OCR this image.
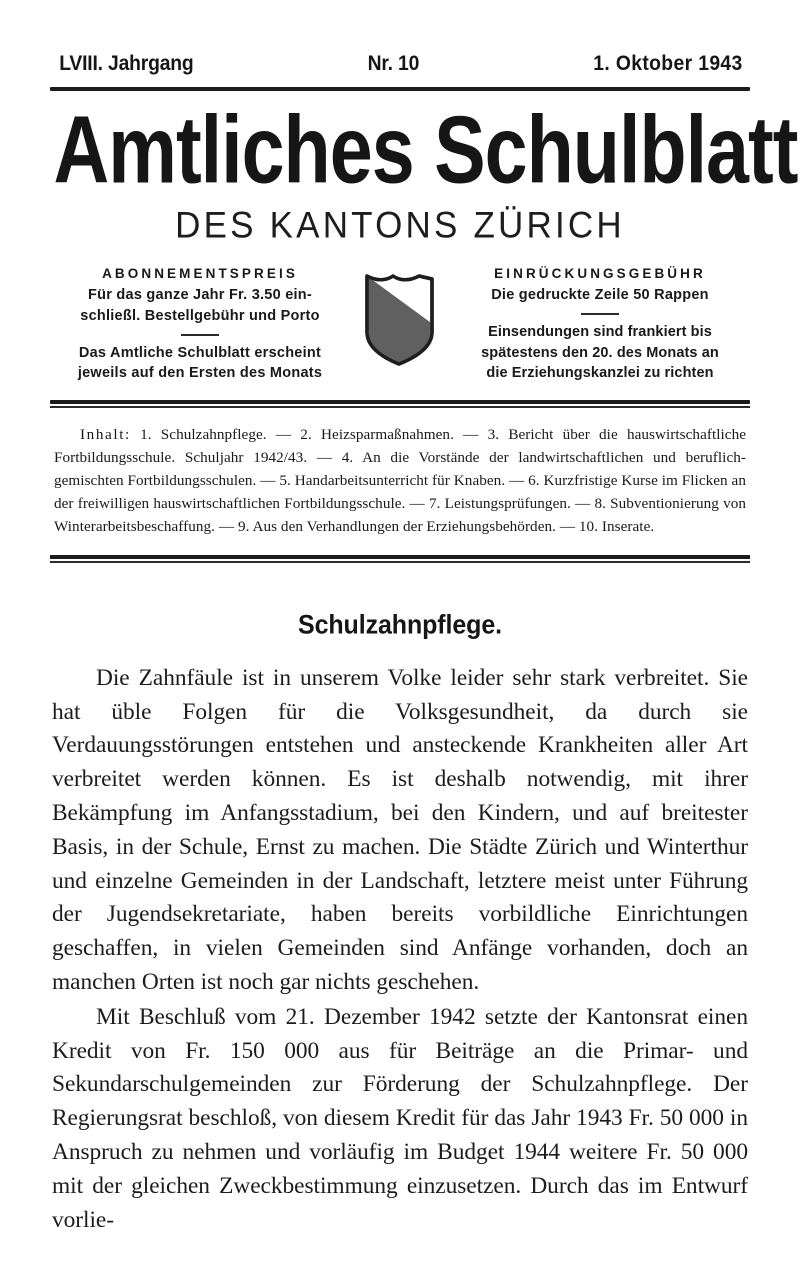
LVIII. Jahrgang	Nr. 10	1. Oktober 1943
Amtliches Schulblatt
DES KANTONS ZÜRICH
ABONNEMENTSPREIS
Für das ganze Jahr Fr. 3.50 ein-
schließl. Bestellgebühr und Porto
Das Amtliche Schulblatt erscheint
jeweils auf den Ersten des Monats
EINRÜCKUNGSGEBÜHR
Die gedruckte Zeile 50 Rappen
Einsendungen sind frankiert bis
spätestens den 20. des Monats an
die Erziehungskanzlei zu richten
Inhalt: 1. Schulzahnpflege. — 2. Heizsparmaßnahmen. — 3. Bericht über die hauswirtschaftliche Fortbildungsschule. Schuljahr 1942/43. — 4. An die Vorstände der landwirtschaftlichen und beruflich-gemischten Fortbildungsschulen. — 5. Handarbeitsunterricht für Knaben. — 6. Kurzfristige Kurse im Flicken an der freiwilligen hauswirtschaftlichen Fortbildungsschule. — 7. Leistungsprüfungen. — 8. Subventionierung von Winterarbeitsbeschaffung. — 9. Aus den Verhandlungen der Erziehungsbehörden. — 10. Inserate.
Schulzahnpflege.

Die Zahnfäule ist in unserem Volke leider sehr stark verbreitet. Sie hat üble Folgen für die Volksgesundheit, da durch sie Verdauungsstörungen entstehen und ansteckende Krankheiten aller Art verbreitet werden können. Es ist deshalb notwendig, mit ihrer Bekämpfung im Anfangsstadium, bei den Kindern, und auf breitester Basis, in der Schule, Ernst zu machen. Die Städte Zürich und Winterthur und einzelne Gemeinden in der Landschaft, letztere meist unter Führung der Jugendsekretariate, haben bereits vorbildliche Einrichtungen geschaffen, in vielen Gemeinden sind Anfänge vorhanden, doch an manchen Orten ist noch gar nichts geschehen.

Mit Beschluß vom 21. Dezember 1942 setzte der Kantonsrat einen Kredit von Fr. 150 000 aus für Beiträge an die Primar- und Sekundarschulgemeinden zur Förderung der Schulzahnpflege. Der Regierungsrat beschloß, von diesem Kredit für das Jahr 1943 Fr. 50 000 in Anspruch zu nehmen und vorläufig im Budget 1944 weitere Fr. 50 000 mit der gleichen Zweckbestimmung einzusetzen. Durch das im Entwurf vorlie-
